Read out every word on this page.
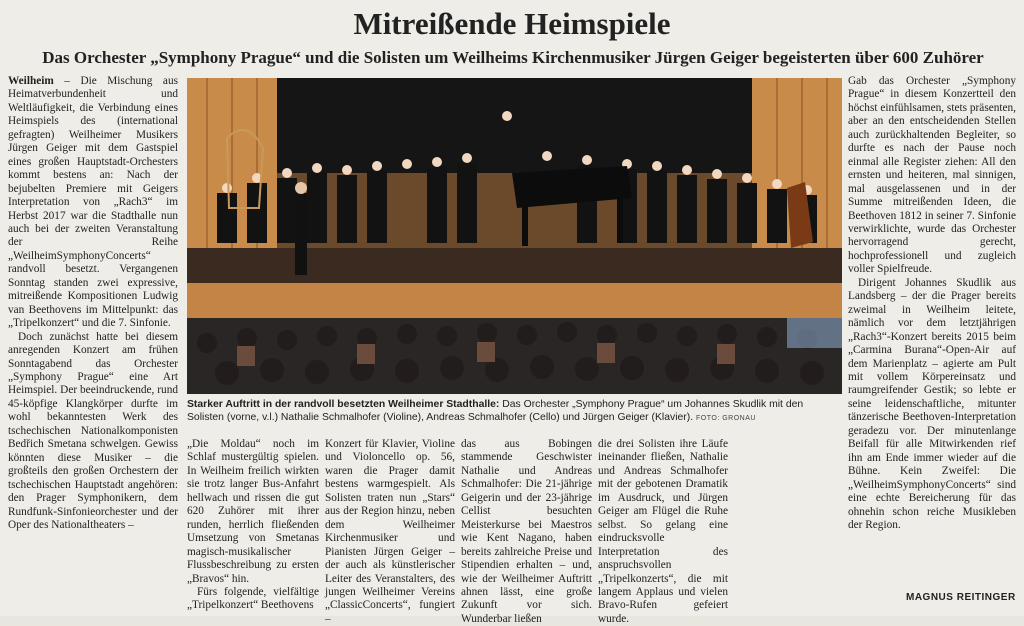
Mitreißende Heimspiele
Das Orchester „Symphony Prague“ und die Solisten um Weilheims Kirchenmusiker Jürgen Geiger begeisterten über 600 Zuhörer

Weilheim – Die Mischung aus Heimatverbundenheit und Weltläufigkeit, die Verbindung eines Heimspiels des (international gefragten) Weilheimer Musikers Jürgen Geiger mit dem Gastspiel eines großen Hauptstadt-Orchesters kommt bestens an: Nach der bejubelten Premiere mit Geigers Interpretation von „Rach3“ im Herbst 2017 war die Stadthalle nun auch bei der zweiten Veranstaltung der Reihe „WeilheimSymphonyConcerts“ randvoll besetzt. Vergangenen Sonntag standen zwei expressive, mitreißende Kompositionen Ludwig van Beethovens im Mittelpunkt: das „Tripelkonzert“ und die 7. Sinfonie.

Doch zunächst hatte bei diesem anregenden Konzert am frühen Sonntagabend das Orchester „Symphony Prague“ eine Art Heimspiel. Der beeindruckende, rund 45-köpfige Klangkörper durfte im wohl bekanntesten Werk des tschechischen Nationalkomponisten Bedřich Smetana schwelgen. Gewiss könnten diese Musiker – die großteils den großen Orchestern der tschechischen Hauptstadt angehören: den Prager Symphonikern, dem Rundfunk-Sinfonieorchester und der Oper des Nationaltheaters –

Starker Auftritt in der randvoll besetzten Weilheimer Stadthalle: Das Orchester „Symphony Prague“ um Johannes Skudlik mit den Solisten (vorne, v.l.) Nathalie Schmalhofer (Violine), Andreas Schmalhofer (Cello) und Jürgen Geiger (Klavier). FOTO: GRONAU

„Die Moldau“ noch im Schlaf mustergültig spielen. In Weilheim freilich wirkten sie trotz langer Bus-Anfahrt hellwach und rissen die gut 620 Zuhörer mit ihrer runden, herrlich fließenden Umsetzung von Smetanas magisch-musikalischer Flussbeschreibung zu ersten „Bravos“ hin.

Fürs folgende, vielfältige „Tripelkonzert“ Beethovens

Konzert für Klavier, Violine und Violoncello op. 56, waren die Prager damit bestens warmgespielt. Als Solisten traten nun „Stars“ aus der Region hinzu, neben dem Weilheimer Kirchenmusiker und Pianisten Jürgen Geiger – der auch als künstlerischer Leiter des Veranstalters, des jungen Weilheimer Vereins „ClassicConcerts“, fungiert –

das aus Bobingen stammende Geschwister Nathalie und Andreas Schmalhofer: Die 21-jährige Geigerin und der 23-jährige Cellist besuchten Meisterkurse bei Maestros wie Kent Nagano, haben bereits zahlreiche Preise und Stipendien erhalten – und, wie der Weilheimer Auftritt ahnen lässt, eine große Zukunft vor sich. Wunderbar ließen

die drei Solisten ihre Läufe ineinander fließen, Nathalie und Andreas Schmalhofer mit der gebotenen Dramatik im Ausdruck, und Jürgen Geiger am Flügel die Ruhe selbst. So gelang eine eindrucksvolle Interpretation des anspruchsvollen „Tripelkonzerts“, die mit langem Applaus und vielen Bravo-Rufen gefeiert wurde.

Gab das Orchester „Symphony Prague“ in diesem Konzertteil den höchst einfühlsamen, stets präsenten, aber an den entscheidenden Stellen auch zurückhaltenden Begleiter, so durfte es nach der Pause noch einmal alle Register ziehen: All den ernsten und heiteren, mal sinnigen, mal ausgelassenen und in der Summe mitreißenden Ideen, die Beethoven 1812 in seiner 7. Sinfonie verwirklichte, wurde das Orchester hervorragend gerecht, hochprofessionell und zugleich voller Spielfreude.

Dirigent Johannes Skudlik aus Landsberg – der die Prager bereits zweimal in Weilheim leitete, nämlich vor dem letztjährigen „Rach3“-Konzert bereits 2015 beim „Carmina Burana“-Open-Air auf dem Marienplatz – agierte am Pult mit vollem Körpereinsatz und raumgreifender Gestik; so lebte er seine leidenschaftliche, mitunter tänzerische Beethoven-Interpretation geradezu vor. Der minutenlange Beifall für alle Mitwirkenden rief ihn am Ende immer wieder auf die Bühne. Kein Zweifel: Die „WeilheimSymphonyConcerts“ sind eine echte Bereicherung für das ohnehin schon reiche Musikleben der Region.

MAGNUS REITINGER
